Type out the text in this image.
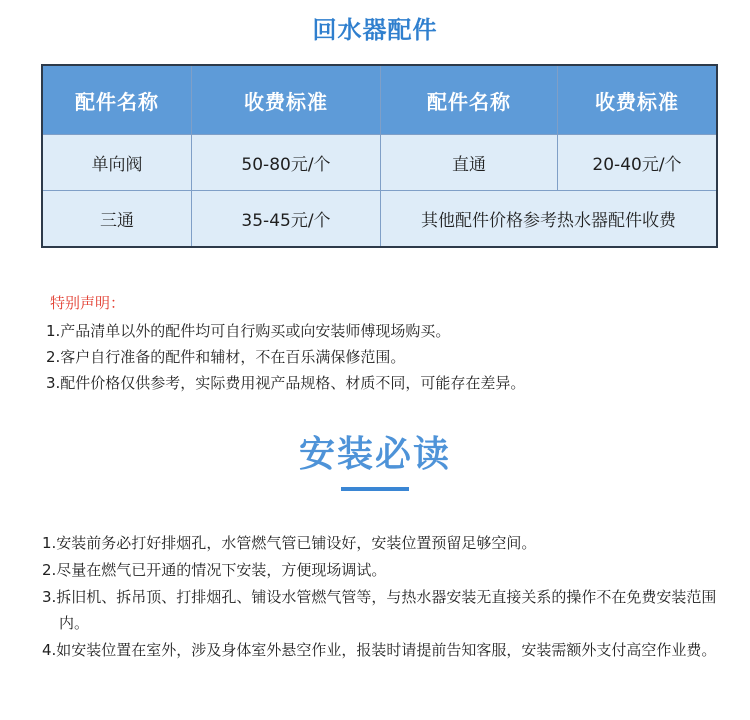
回水器配件
配件名称	收费标准	配件名称	收费标准
单向阀	50-80元/个	直通	20-40元/个
三通	35-45元/个	其他配件价格参考热水器配件收费	
特别声明：
1.产品清单以外的配件均可自行购买或向安装师傅现场购买。
2.客户自行准备的配件和辅材，不在百乐满保修范围。
3.配件价格仅供参考，实际费用视产品规格、材质不同，可能存在差异。
安装必读
1.安装前务必打好排烟孔，水管燃气管已铺设好，安装位置预留足够空间。
2.尽量在燃气已开通的情况下安装，方便现场调试。
3.拆旧机、拆吊顶、打排烟孔、铺设水管燃气管等，与热水器安装无直接关系的操作不在免费安装范围内。
4.如安装位置在室外，涉及身体室外悬空作业，报装时请提前告知客服，安装需额外支付高空作业费。
